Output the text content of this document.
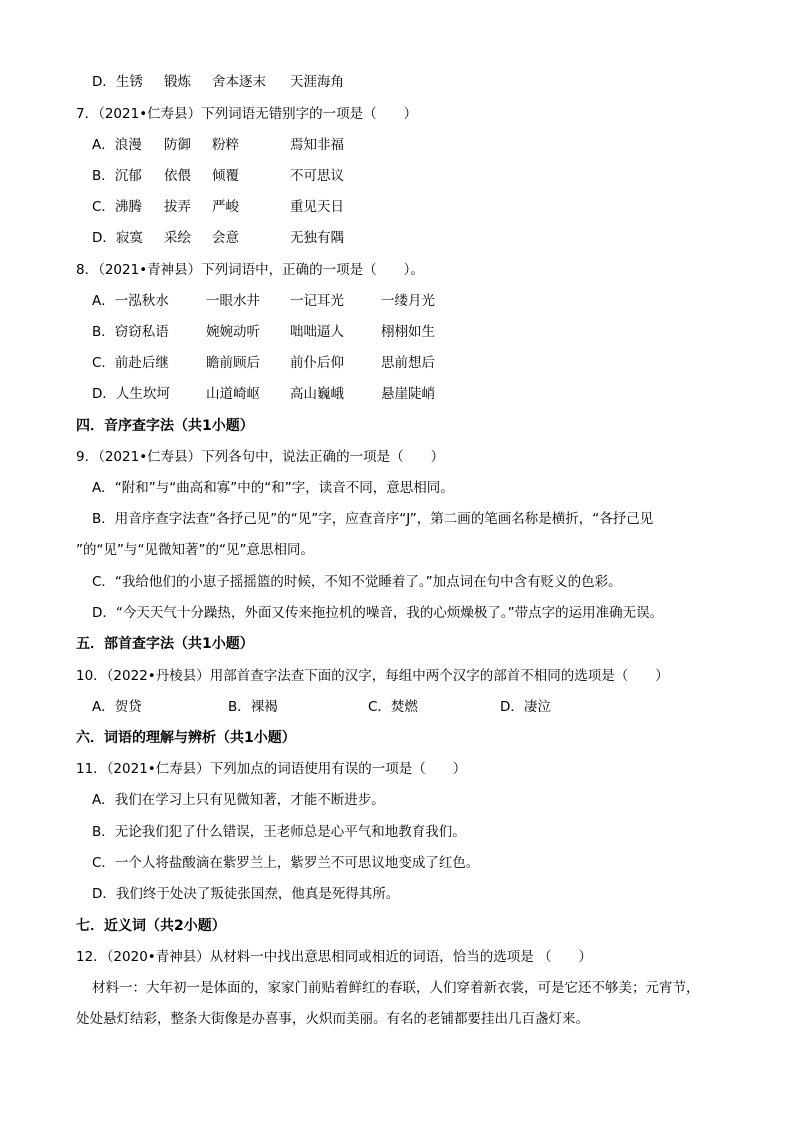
D．生锈 锻炼 舍本逐末 天涯海角
7．（2021•仁寿县）下列词语无错别字的一项是（　　）
A．浪漫 防御 粉粹	焉知非福
B．沉郁 依偎 倾覆	不可思议
C．沸腾 拔弄 严峻	重见天日
D．寂寞 采绘 会意	无独有隅
8．（2021•青神县）下列词语中，正确的一项是（　　）。
A．一泓秋水	一眼水井 一记耳光	一缕月光
B．窃窃私语	婉婉动听 咄咄逼人	栩栩如生
C．前赴后继	瞻前顾后 前仆后仰	思前想后
D．人生坎坷	山道崎岖 高山巍峨	悬崖陡峭
四．音序查字法（共1小题）
9．（2021•仁寿县）下列各句中，说法正确的一项是（　　）
A．“附和”与“曲高和寡”中的“和”字，读音不同，意思相同。
B．用音序查字法查“各抒己见”的“见”字，应查音序“J”，第二画的笔画名称是横折，“各抒己见
”的“见”与“见微知著”的“见”意思相同。
C．“我给他们的小崽子摇摇篮的时候，不知不觉睡着了。”加点词在句中含有贬义的色彩。
D．“今天天气十分躁热，外面又传来拖拉机的噪音，我的心烦燥极了。”带点字的运用准确无误。
五．部首查字法（共1小题）
10．（2022•丹棱县）用部首查字法查下面的汉字，每组中两个汉字的部首不相同的选项是（　　）
A．贺贷	B．裸褐	C．焚燃	D．凄泣
六．词语的理解与辨析（共1小题）
11．（2021•仁寿县）下列加点的词语使用有误的一项是（　　）
A．我们在学习上只有见微知著，才能不断进步。
B．无论我们犯了什么错误，王老师总是心平气和地教育我们。
C．一个人将盐酸滴在紫罗兰上，紫罗兰不可思议地变成了红色。
D．我们终于处决了叛徒张国焘，他真是死得其所。
七．近义词（共2小题）
12．（2020•青神县）从材料一中找出意思相同或相近的词语，恰当的选项是 （　　）
材料一：大年初一是体面的，家家门前贴着鲜红的春联，人们穿着新衣裳，可是它还不够美；元宵节，
处处悬灯结彩，整条大街像是办喜事，火炽而美丽。有名的老铺都要挂出几百盏灯来。
